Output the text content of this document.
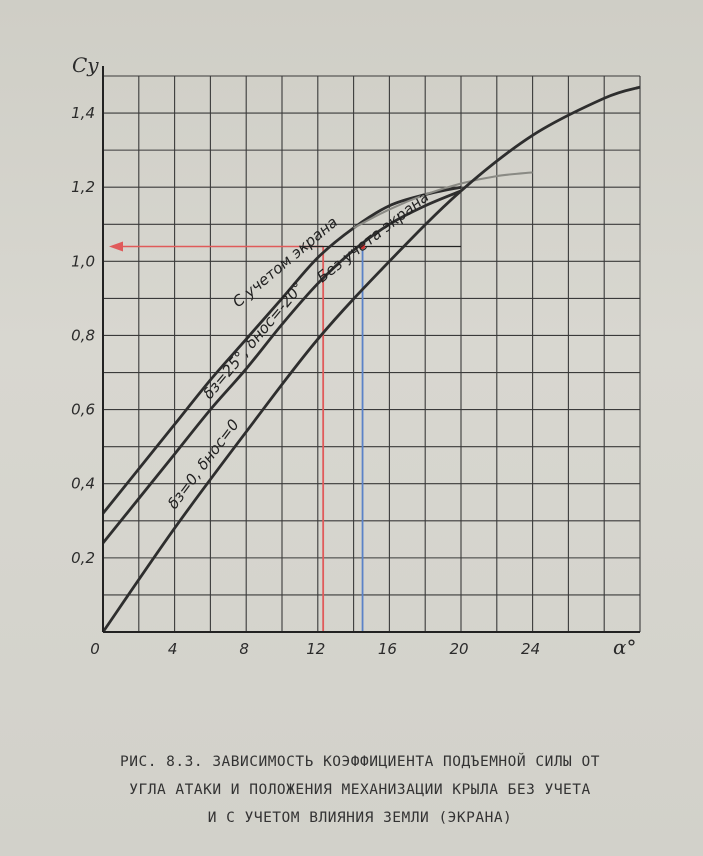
δз=25°, δнос=-20°
Без учета экрана
С учетом экрана
δз=0, δнос=0
0	4	8	12	16	20	24
0,2
0,4
0,6
0,8
1,0
1,2
1,4
Cy
α°
РИС. 8.3. ЗАВИСИМОСТЬ КОЭФФИЦИЕНТА ПОДЪЕМНОЙ СИЛЫ ОТ
УГЛА АТАКИ И ПОЛОЖЕНИЯ МЕХАНИЗАЦИИ КРЫЛА БЕЗ УЧЕТА
И С УЧЕТОМ ВЛИЯНИЯ ЗЕМЛИ (ЭКРАНА)
